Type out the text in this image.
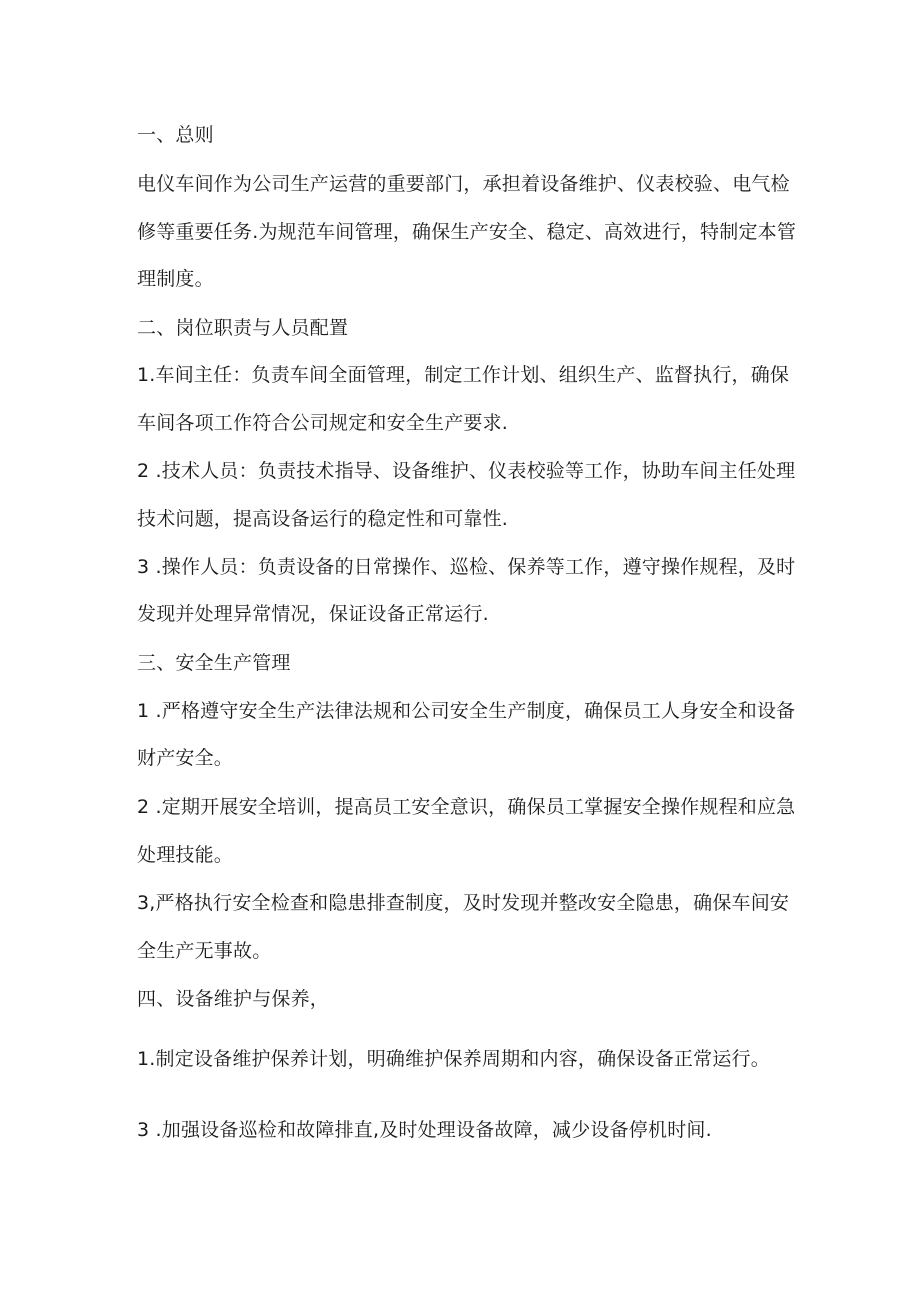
一、总则
电仪车间作为公司生产运营的重要部门，承担着设备维护、仪表校验、电气检
修等重要任务.为规范车间管理，确保生产安全、稳定、高效进行，特制定本管
理制度。
二、岗位职责与人员配置
1.车间主任：负责车间全面管理，制定工作计划、组织生产、监督执行，确保
车间各项工作符合公司规定和安全生产要求.
2 .技术人员：负责技术指导、设备维护、仪表校验等工作，协助车间主任处理
技术问题，提高设备运行的稳定性和可靠性.
3 .操作人员：负责设备的日常操作、巡检、保养等工作，遵守操作规程，及时
发现并处理异常情况，保证设备正常运行.
三、安全生产管理
1 .严格遵守安全生产法律法规和公司安全生产制度，确保员工人身安全和设备
财产安全。
2 .定期开展安全培训，提高员工安全意识，确保员工掌握安全操作规程和应急
处理技能。
3,严格执行安全检查和隐患排查制度，及时发现并整改安全隐患，确保车间安
全生产无事故。
四、设备维护与保养，
1.制定设备维护保养计划，明确维护保养周期和内容，确保设备正常运行。
3 .加强设备巡检和故障排直,及时处理设备故障，减少设备停机时间.
